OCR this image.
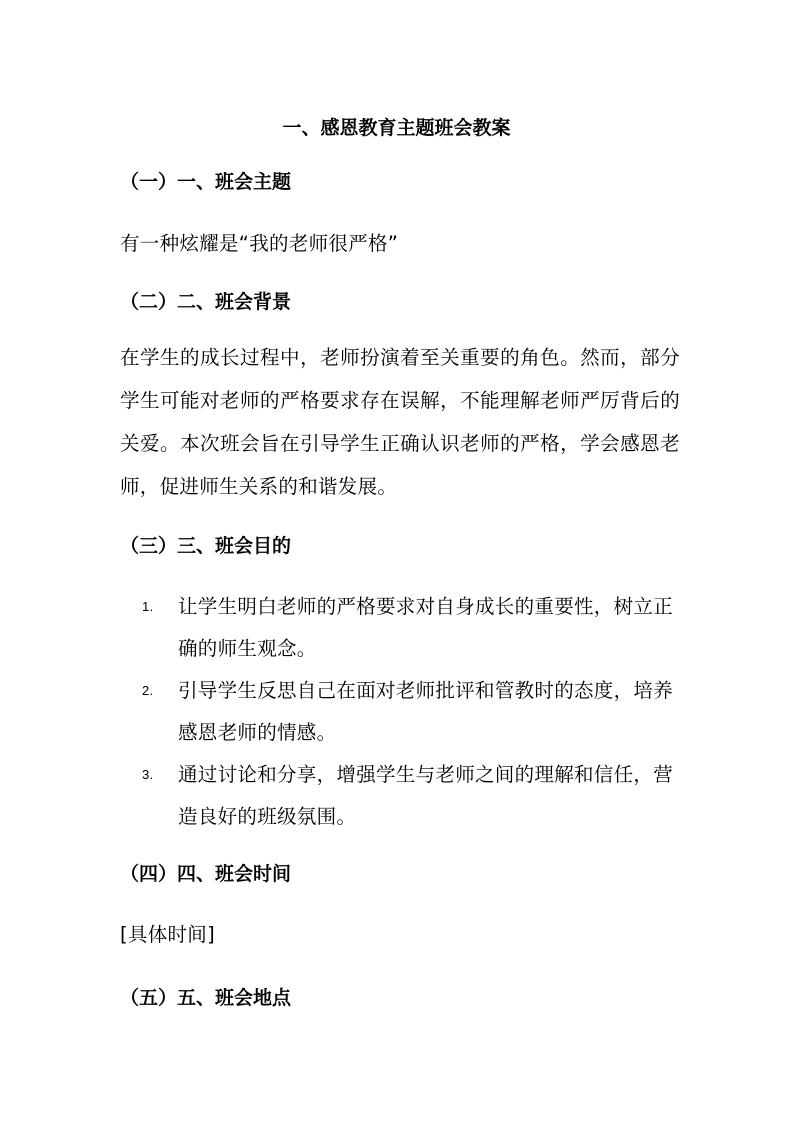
一、感恩教育主题班会教案
（一）一、班会主题
有一种炫耀是“我的老师很严格”
（二）二、班会背景
在学生的成长过程中，老师扮演着至关重要的角色。然而，部分学生可能对老师的严格要求存在误解，不能理解老师严厉背后的关爱。本次班会旨在引导学生正确认识老师的严格，学会感恩老师，促进师生关系的和谐发展。
（三）三、班会目的
1. 让学生明白老师的严格要求对自身成长的重要性，树立正确的师生观念。
2. 引导学生反思自己在面对老师批评和管教时的态度，培养感恩老师的情感。
3. 通过讨论和分享，增强学生与老师之间的理解和信任，营造良好的班级氛围。
（四）四、班会时间
[具体时间]
（五）五、班会地点
